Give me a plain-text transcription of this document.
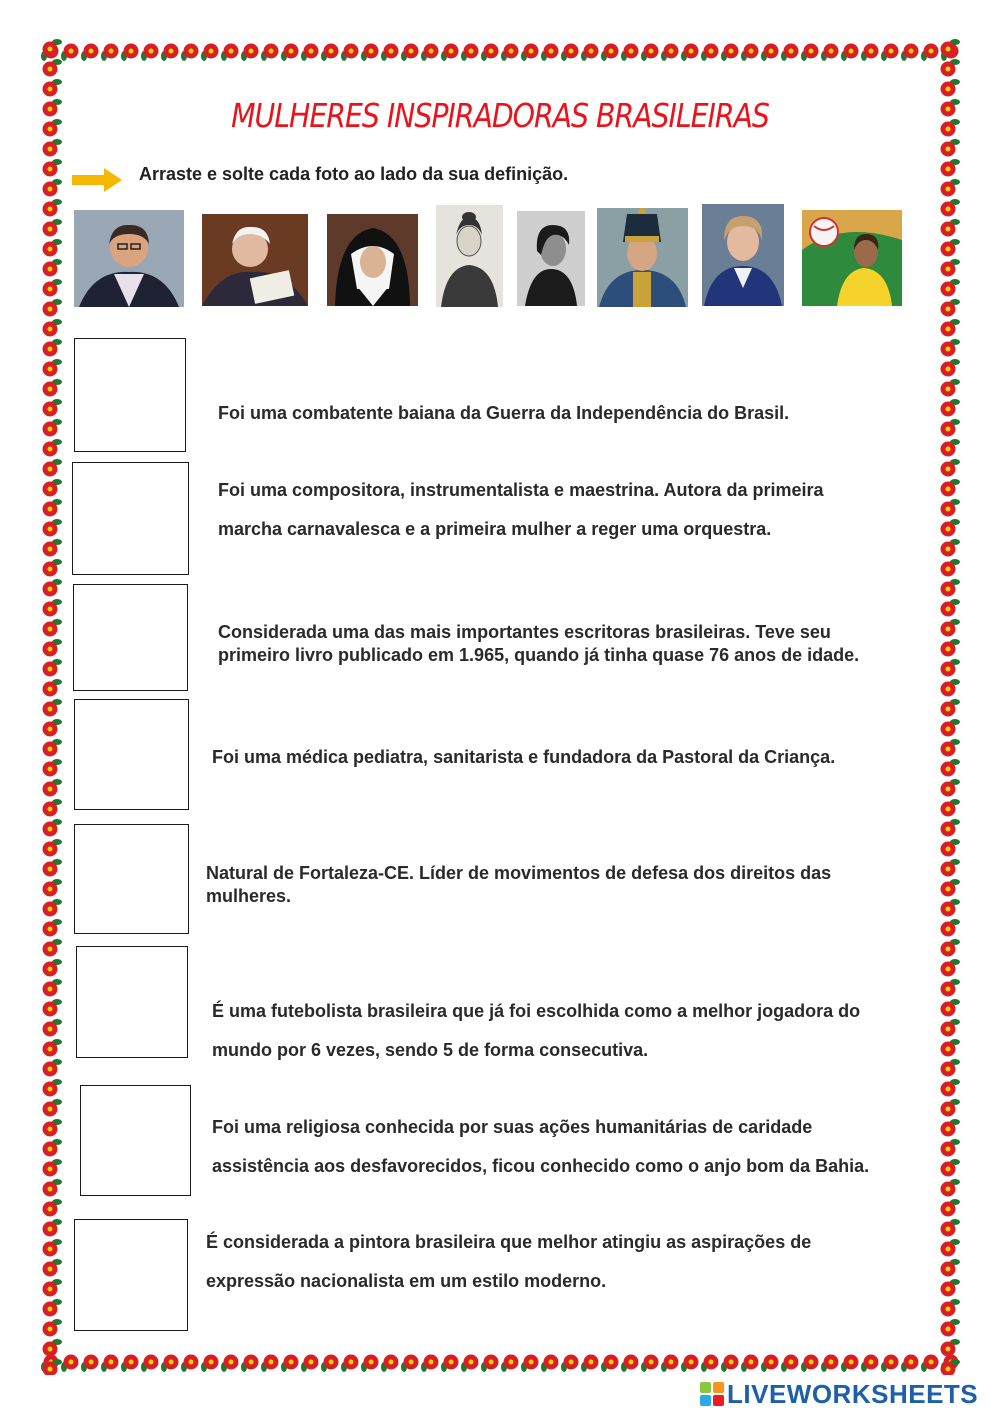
MULHERES INSPIRADORAS BRASILEIRAS
Arraste e solte cada foto ao lado da sua definição.
Foi uma combatente baiana da Guerra da Independência do Brasil.
Foi uma compositora, instrumentalista e maestrina. Autora da primeira
marcha carnavalesca e a primeira mulher a reger uma orquestra.
Considerada uma das mais importantes escritoras brasileiras. Teve seu
primeiro livro publicado em 1.965, quando já tinha quase 76 anos de idade.
Foi uma médica pediatra, sanitarista e fundadora da Pastoral da Criança.
Natural de Fortaleza-CE. Líder de movimentos de defesa dos direitos das
mulheres.
É uma futebolista brasileira que já foi escolhida como a melhor jogadora do
mundo por 6 vezes, sendo 5 de forma consecutiva.
Foi uma religiosa conhecida por suas ações humanitárias de caridade
assistência aos desfavorecidos, ficou conhecido como o anjo bom da Bahia.
É considerada a pintora brasileira que melhor atingiu as aspirações de
expressão nacionalista em um estilo moderno.
LIVEWORKSHEETS
